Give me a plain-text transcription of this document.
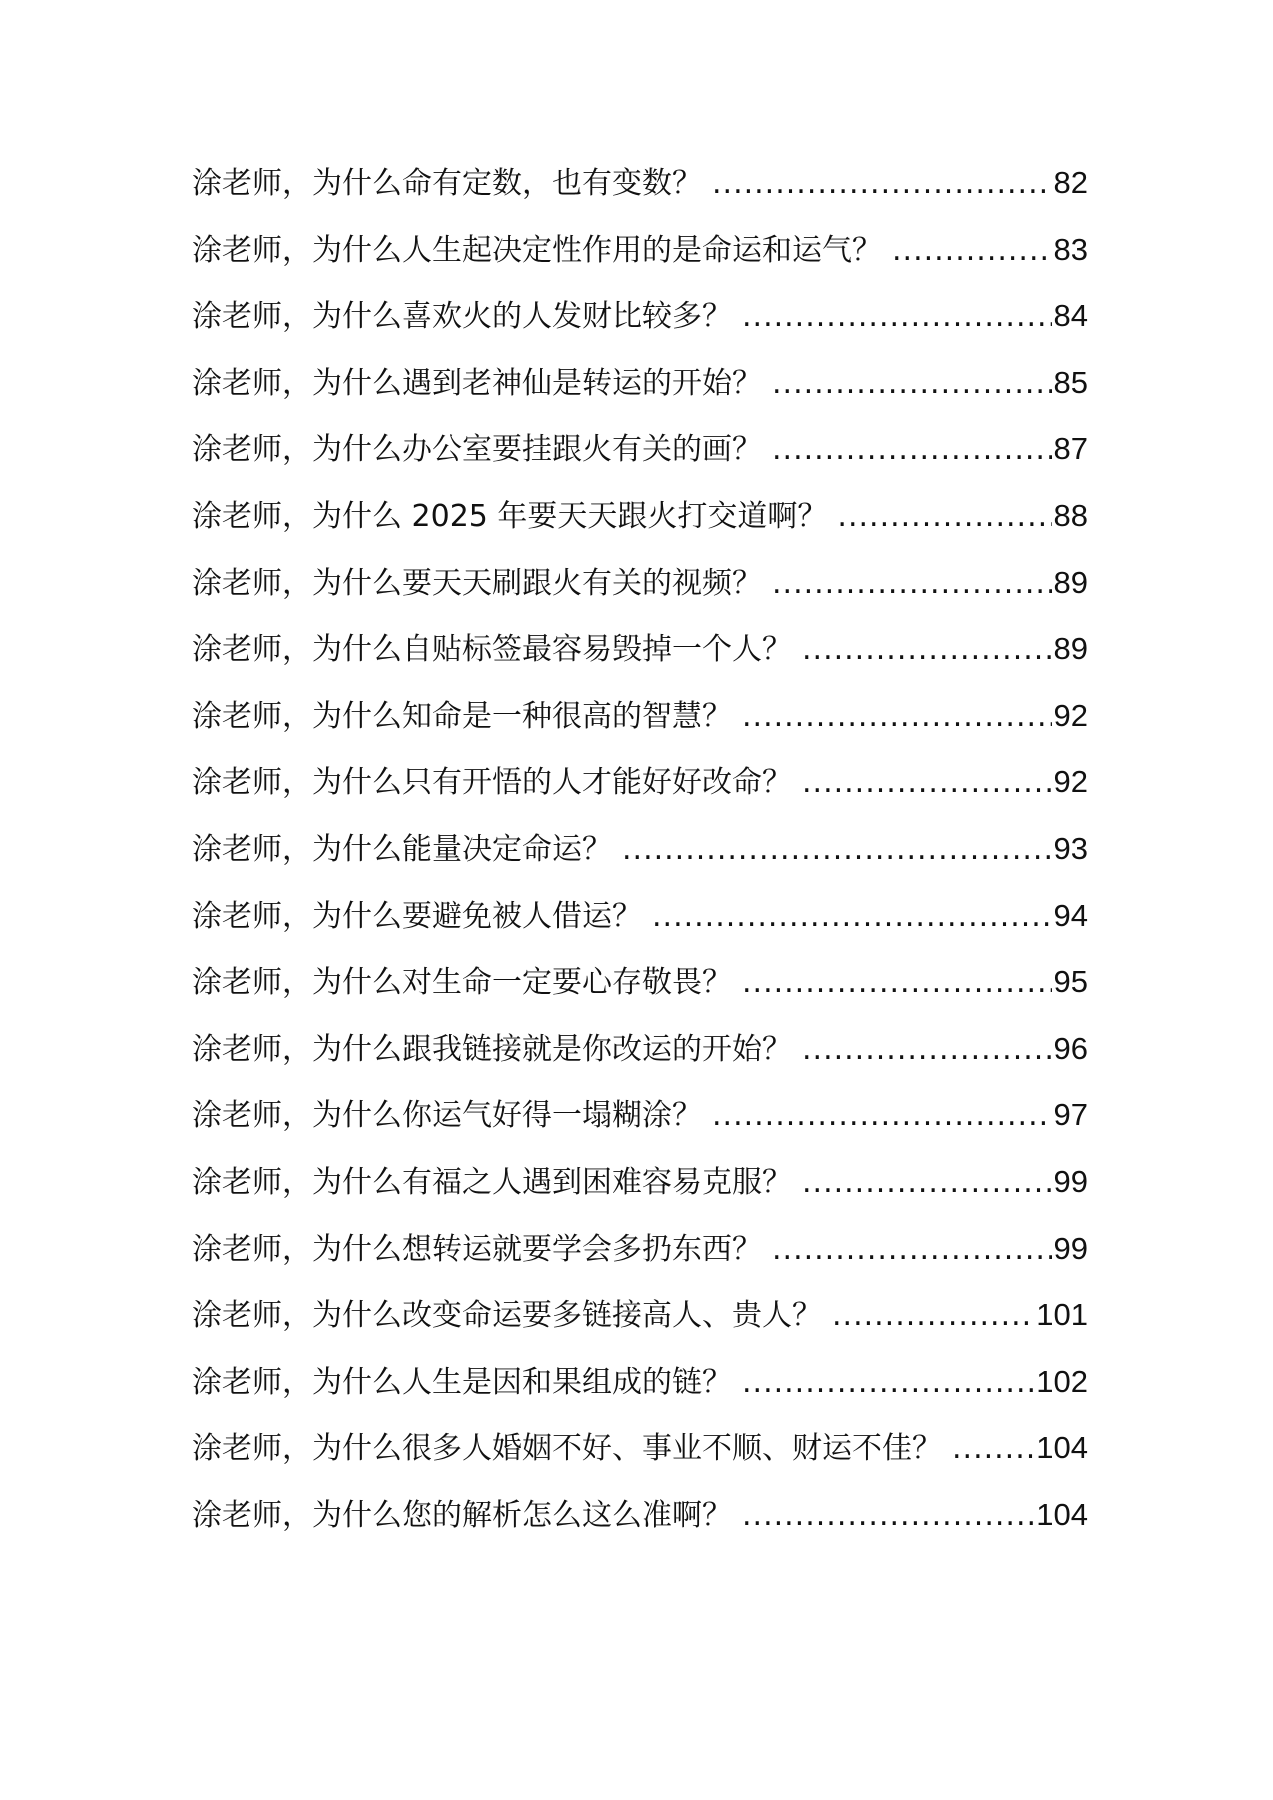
涂老师，为什么命有定数，也有变数？ .....	82
涂老师，为什么人生起决定性作用的是命运和运气？ .....	83
涂老师，为什么喜欢火的人发财比较多？ .....	84
涂老师，为什么遇到老神仙是转运的开始？ .....	85
涂老师，为什么办公室要挂跟火有关的画？ .....	87
涂老师，为什么 2025 年要天天跟火打交道啊？ .....	88
涂老师，为什么要天天刷跟火有关的视频？ .....	89
涂老师，为什么自贴标签最容易毁掉一个人？ .....	89
涂老师，为什么知命是一种很高的智慧？ .....	92
涂老师，为什么只有开悟的人才能好好改命？ .....	92
涂老师，为什么能量决定命运？ .....	93
涂老师，为什么要避免被人借运？ .....	94
涂老师，为什么对生命一定要心存敬畏？ .....	95
涂老师，为什么跟我链接就是你改运的开始？ .....	96
涂老师，为什么你运气好得一塌糊涂？ .....	97
涂老师，为什么有福之人遇到困难容易克服？ .....	99
涂老师，为什么想转运就要学会多扔东西？ .....	99
涂老师，为什么改变命运要多链接高人、贵人？ .....	101
涂老师，为什么人生是因和果组成的链？ .....	102
涂老师，为什么很多人婚姻不好、事业不顺、财运不佳？ .....	104
涂老师，为什么您的解析怎么这么准啊？ .....	104
